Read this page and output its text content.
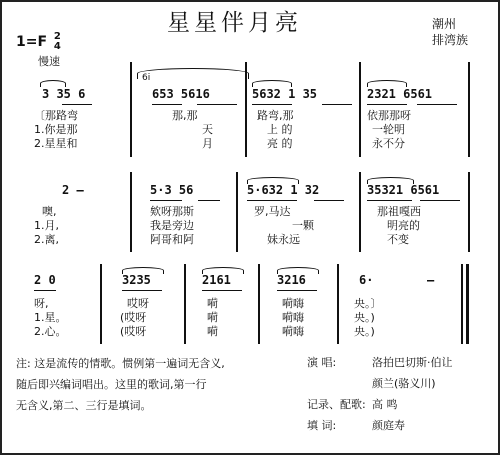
1=F 2
4
星星伴月亮	潮州
排湾族
慢速
3 35 6
6i
653 5616	5632 1 35	2321 6561
〔那路弯	那,那	路弯,那	依那那呀
1.你是那	天	上 的	一轮明
2.星星和	月	亮 的	永不分
2 –	5·3 56	5·632 1 32	35321 6561
噢,	欸呀那斯	罗,马达	那祖嘎西
1.月,	我是旁边	一颗	明亮的
2.离,	阿哥和阿	妹永远	不变
2 0	3235	2161	3216	6·	–
呀,	哎呀	嗬	嗬嗨	央。〕
1.星。	(哎呀	嗬	嗬嗨	央。)
2.心。	(哎呀	嗬	嗬嗨	央。)
注: 这是流传的情歌。惯例第一遍词无含义,
随后即兴编词唱出。这里的歌词,第一行
无含义,第二、三行是填词。
演 唱:	洛拍巴切斯·伯让
颜兰(骆义川)
记录、配歌: 高 鸣
填 词:	颜庭寿
